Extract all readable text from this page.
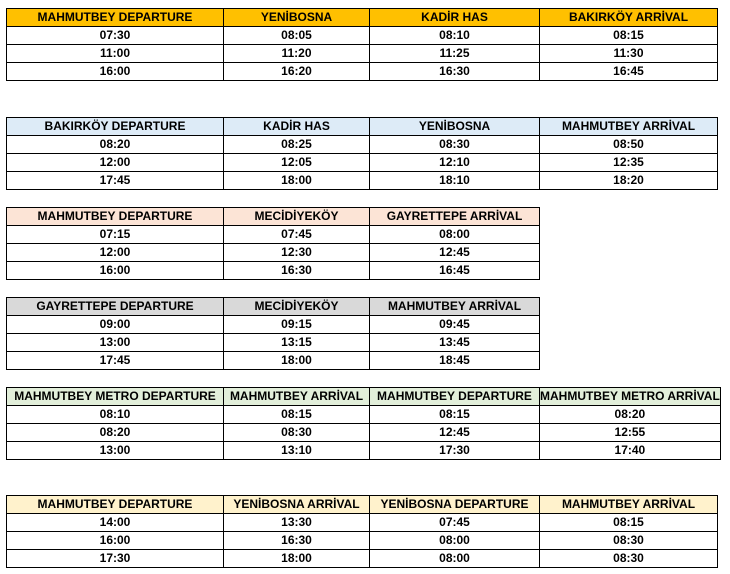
MAHMUTBEY DEPARTURE	YENİBOSNA	KADİR HAS	BAKIRKÖY ARRİVAL
07:30	08:05	08:10	08:15
11:00	11:20	11:25	11:30
16:00	16:20	16:30	16:45
BAKIRKÖY DEPARTURE	KADİR HAS	YENİBOSNA	MAHMUTBEY ARRİVAL
08:20	08:25	08:30	08:50
12:00	12:05	12:10	12:35
17:45	18:00	18:10	18:20
MAHMUTBEY DEPARTURE	MECİDİYEKÖY	GAYRETTEPE ARRİVAL
07:15	07:45	08:00
12:00	12:30	12:45
16:00	16:30	16:45
GAYRETTEPE DEPARTURE	MECİDİYEKÖY	MAHMUTBEY ARRİVAL
09:00	09:15	09:45
13:00	13:15	13:45
17:45	18:00	18:45
MAHMUTBEY METRO DEPARTURE	MAHMUTBEY ARRİVAL	MAHMUTBEY DEPARTURE	MAHMUTBEY METRO ARRİVAL
08:10	08:15	08:15	08:20
08:20	08:30	12:45	12:55
13:00	13:10	17:30	17:40
MAHMUTBEY DEPARTURE	YENİBOSNA ARRİVAL	YENİBOSNA DEPARTURE	MAHMUTBEY ARRİVAL
14:00	13:30	07:45	08:15
16:00	16:30	08:00	08:30
17:30	18:00	08:00	08:30
